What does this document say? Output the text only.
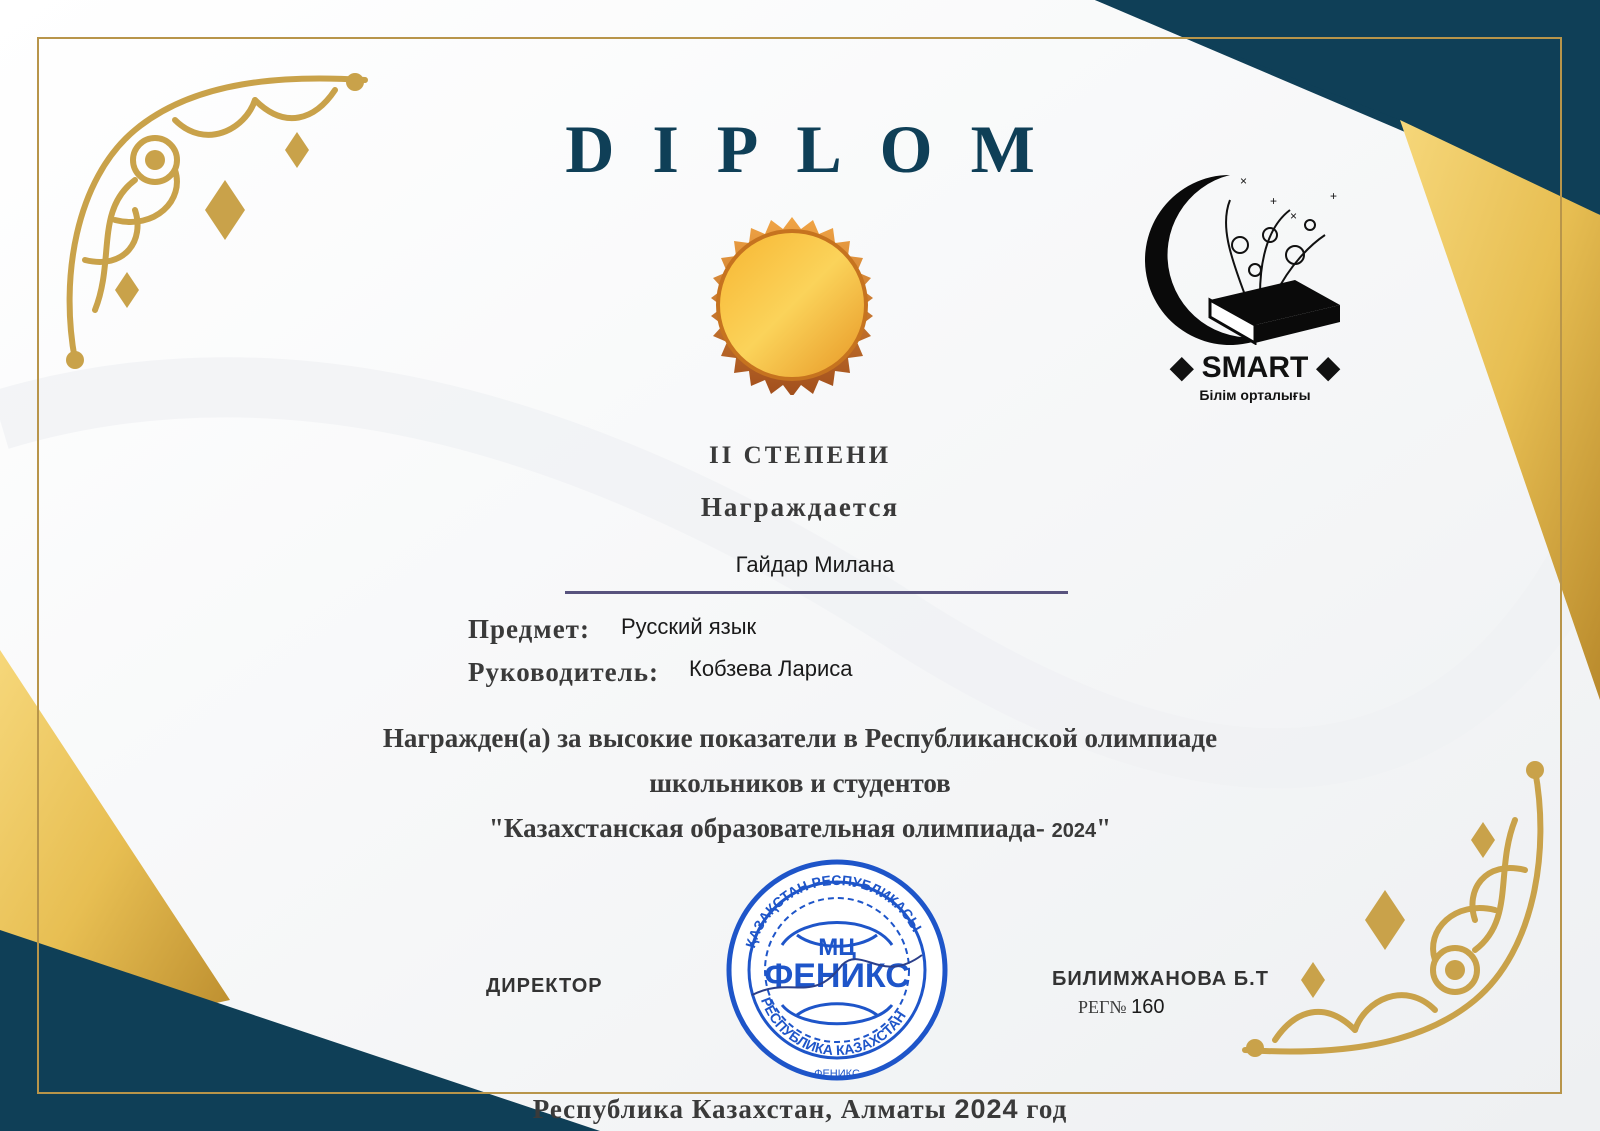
DIPLOM	×
+
×
+
◆ SMART ◆
Білім орталығы
II СТЕПЕНИ
Награждается
Гайдар Милана
Предмет: Русский язык
Руководитель: Кобзева Лариса
Награжден(а) за высокие показатели в Республиканской олимпиаде
школьников и студентов
"Казахстанская образовательная олимпиада- 2024"
ҚАЗАҚСТАН РЕСПУБЛИКАСЫ
РЕСПУБЛИКА КАЗАХСТАН
МЦ
ФЕНИКС
ФЕНИКС
ДИРЕКТОР	БИЛИМЖАНОВА Б.Т
РЕГ№ 160
Республика Казахстан, Алматы 2024 год
